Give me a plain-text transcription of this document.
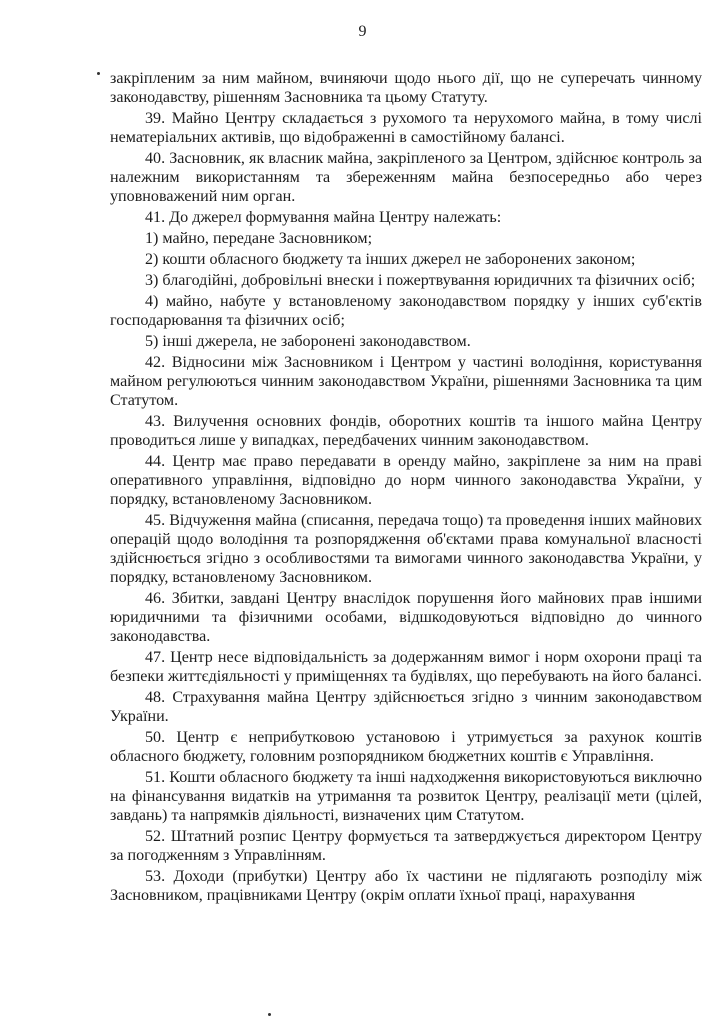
9

закріпленим за ним майном, вчиняючи щодо нього дії, що не суперечать чинному законодавству, рішенням Засновника та цьому Статуту.

39. Майно Центру складається з рухомого та нерухомого майна, в тому числі нематеріальних активів, що відображенні в самостійному балансі.

40. Засновник, як власник майна, закріпленого за Центром, здійснює контроль за належним використанням та збереженням майна безпосередньо або через уповноважений ним орган.

41. До джерел формування майна Центру належать:

1) майно, передане Засновником;

2) кошти обласного бюджету та інших джерел не заборонених законом;

3) благодійні, добровільні внески і пожертвування юридичних та фізичних осіб;

4) майно, набуте у встановленому законодавством порядку у інших суб'єктів господарювання та фізичних осіб;

5) інші джерела, не заборонені законодавством.

42. Відносини між Засновником і Центром у частині володіння, користування майном регулюються чинним законодавством України, рішеннями Засновника та цим Статутом.

43. Вилучення основних фондів, оборотних коштів та іншого майна Центру проводиться лише у випадках, передбачених чинним законодавством.

44. Центр має право передавати в оренду майно, закріплене за ним на праві оперативного управління, відповідно до норм чинного законодавства України, у порядку, встановленому Засновником.

45. Відчуження майна (списання, передача тощо) та проведення інших майнових операцій щодо володіння та розпорядження об'єктами права комунальної власності здійснюється згідно з особливостями та вимогами чинного законодавства України, у порядку, встановленому Засновником.

46. Збитки, завдані Центру внаслідок порушення його майнових прав іншими юридичними та фізичними особами, відшкодовуються відповідно до чинного законодавства.

47. Центр несе відповідальність за додержанням вимог і норм охорони праці та безпеки життєдіяльності у приміщеннях та будівлях, що перебувають на його балансі.

48. Страхування майна Центру здійснюється згідно з чинним законодавством України.

50. Центр є неприбутковою установою і утримується за рахунок коштів обласного бюджету, головним розпорядником бюджетних коштів є Управління.

51. Кошти обласного бюджету та інші надходження використовуються виключно на фінансування видатків на утримання та розвиток Центру, реалізації мети (цілей, завдань) та напрямків діяльності, визначених цим Статутом.

52. Штатний розпис Центру формується та затверджується директором Центру за погодженням з Управлінням.

53. Доходи (прибутки) Центру або їх частини не підлягають розподілу між Засновником, працівниками Центру (окрім оплати їхньої праці, нарахування
